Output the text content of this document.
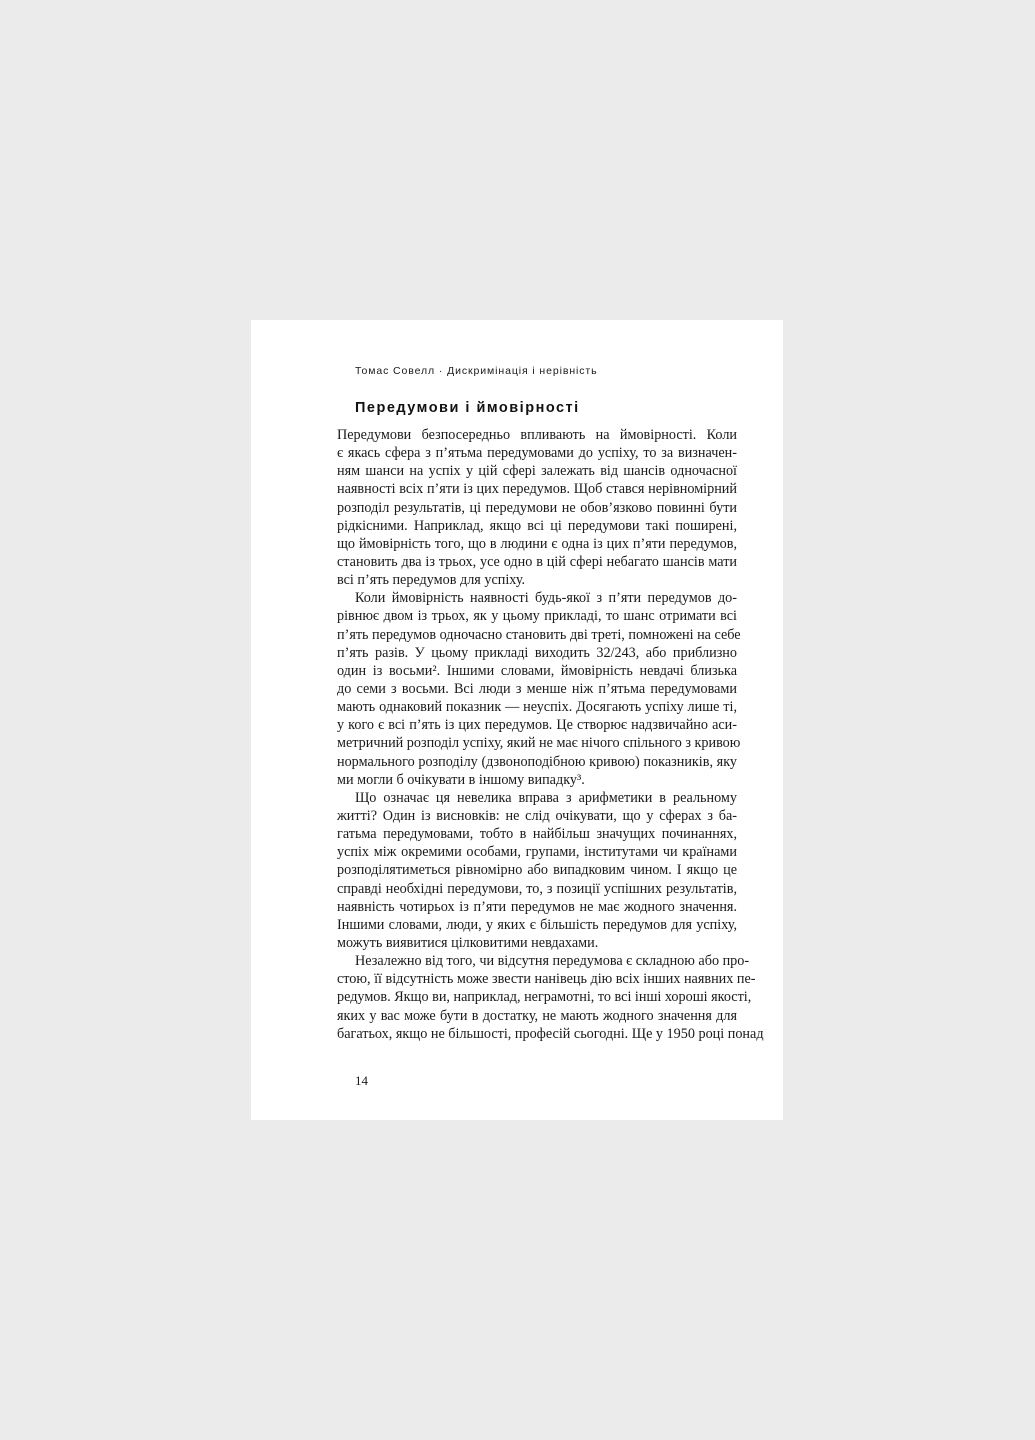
Томас Совелл · Дискримінація і нерівність
Передумови і ймовірності
Передумови безпосередньо впливають на ймовірності. Коли
є якась сфера з п’ятьма передумовами до успіху, то за визначен-
ням шанси на успіх у цій сфері залежать від шансів одночасної
наявності всіх п’яти із цих передумов. Щоб стався нерівномірний
розподіл результатів, ці передумови не обов’язково повинні бути
рідкісними. Наприклад, якщо всі ці передумови такі поширені,
що ймовірність того, що в людини є одна із цих п’яти передумов,
становить два із трьох, усе одно в цій сфері небагато шансів мати
всі п’ять передумов для успіху.
Коли ймовірність наявності будь-якої з п’яти передумов до-
рівнює двом із трьох, як у цьому прикладі, то шанс отримати всі
п’ять передумов одночасно становить дві треті, помножені на себе
п’ять разів. У цьому прикладі виходить 32/243, або приблизно
один із восьми². Іншими словами, ймовірність невдачі близька
до семи з восьми. Всі люди з менше ніж п’ятьма передумовами
мають однаковий показник — неуспіх. Досягають успіху лише ті,
у кого є всі п’ять із цих передумов. Це створює надзвичайно аси-
метричний розподіл успіху, який не має нічого спільного з кривою
нормального розподілу (дзвоноподібною кривою) показників, яку
ми могли б очікувати в іншому випадку³.
Що означає ця невелика вправа з арифметики в реальному
житті? Один із висновків: не слід очікувати, що у сферах з ба-
гатьма передумовами, тобто в найбільш значущих починаннях,
успіх між окремими особами, групами, інститутами чи країнами
розподілятиметься рівномірно або випадковим чином. І якщо це
справді необхідні передумови, то, з позиції успішних результатів,
наявність чотирьох із п’яти передумов не має жодного значення.
Іншими словами, люди, у яких є більшість передумов для успіху,
можуть виявитися цілковитими невдахами.
Незалежно від того, чи відсутня передумова є складною або про-
стою, її відсутність може звести нанівець дію всіх інших наявних пе-
редумов. Якщо ви, наприклад, неграмотні, то всі інші хороші якості,
яких у вас може бути в достатку, не мають жодного значення для
багатьох, якщо не більшості, професій сьогодні. Ще у 1950 році понад
14
